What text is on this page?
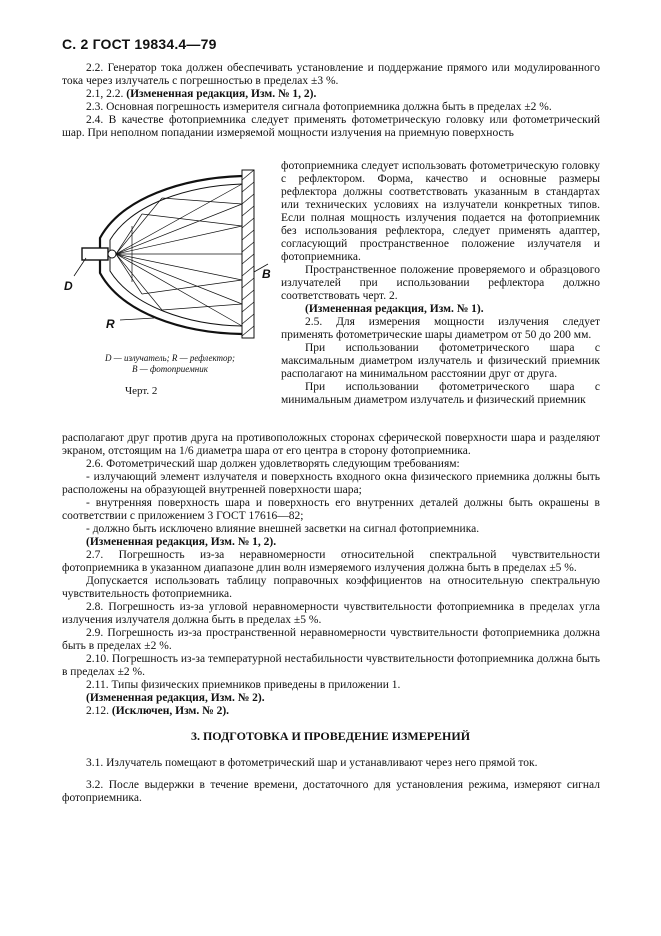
С. 2 ГОСТ 19834.4—79

2.2. Генератор тока должен обеспечивать установление и поддержание прямого или модулированного тока через излучатель с погрешностью в пределах ±3 %.

2.1, 2.2. (Измененная редакция, Изм. № 1, 2).

2.3. Основная погрешность измерителя сигнала фотоприемника должна быть в пределах ±2 %.

2.4. В качестве фотоприемника следует применять фотометрическую головку или фотометрический шар. При неполном попадании измеряемой мощности излучения на приемную поверхность

D
R
B
D — излучатель; R — рефлектор;
B — фотоприемник
Черт. 2

фотоприемника следует использовать фотометрическую головку с рефлектором. Форма, качество и основные размеры рефлектора должны соответствовать указанным в стандартах или технических условиях на излучатели конкретных типов. Если полная мощность излучения подается на фотоприемник без использования рефлектора, следует применять адаптер, согласующий пространственное положение излучателя и фотоприемника.

Пространственное положение проверяемого и образцового излучателей при использовании рефлектора должно соответствовать черт. 2.

(Измененная редакция, Изм. № 1).

2.5. Для измерения мощности излучения следует применять фотометрические шары диаметром от 50 до 200 мм.

При использовании фотометрического шара с максимальным диаметром излучатель и физический приемник располагают на минимальном расстоянии друг от друга.

При использовании фотометрического шара с минимальным диаметром излучатель и физический приемник

располагают друг против друга на противоположных сторонах сферической поверхности шара и разделяют экраном, отстоящим на 1/6 диаметра шара от его центра в сторону фотоприемника.

2.6. Фотометрический шар должен удовлетворять следующим требованиям:

- излучающий элемент излучателя и поверхность входного окна физического приемника должны быть расположены на образующей внутренней поверхности шара;

- внутренняя поверхность шара и поверхность его внутренних деталей должны быть окрашены в соответствии с приложением 3 ГОСТ 17616—82;

- должно быть исключено влияние внешней засветки на сигнал фотоприемника.

(Измененная редакция, Изм. № 1, 2).

2.7. Погрешность из-за неравномерности относительной спектральной чувствительности фотоприемника в указанном диапазоне длин волн измеряемого излучения должна быть в пределах ±5 %.

Допускается использовать таблицу поправочных коэффициентов на относительную спектральную чувствительность фотоприемника.

2.8. Погрешность из-за угловой неравномерности чувствительности фотоприемника в пределах угла излучения излучателя должна быть в пределах ±5 %.

2.9. Погрешность из-за пространственной неравномерности чувствительности фотоприемника должна быть в пределах ±2 %.

2.10. Погрешность из-за температурной нестабильности чувствительности фотоприемника должна быть в пределах ±2 %.

2.11. Типы физических приемников приведены в приложении 1.

(Измененная редакция, Изм. № 2).

2.12. (Исключен, Изм. № 2).

3. ПОДГОТОВКА И ПРОВЕДЕНИЕ ИЗМЕРЕНИЙ

3.1. Излучатель помещают в фотометрический шар и устанавливают через него прямой ток.

3.2. После выдержки в течение времени, достаточного для установления режима, измеряют сигнал фотоприемника.
